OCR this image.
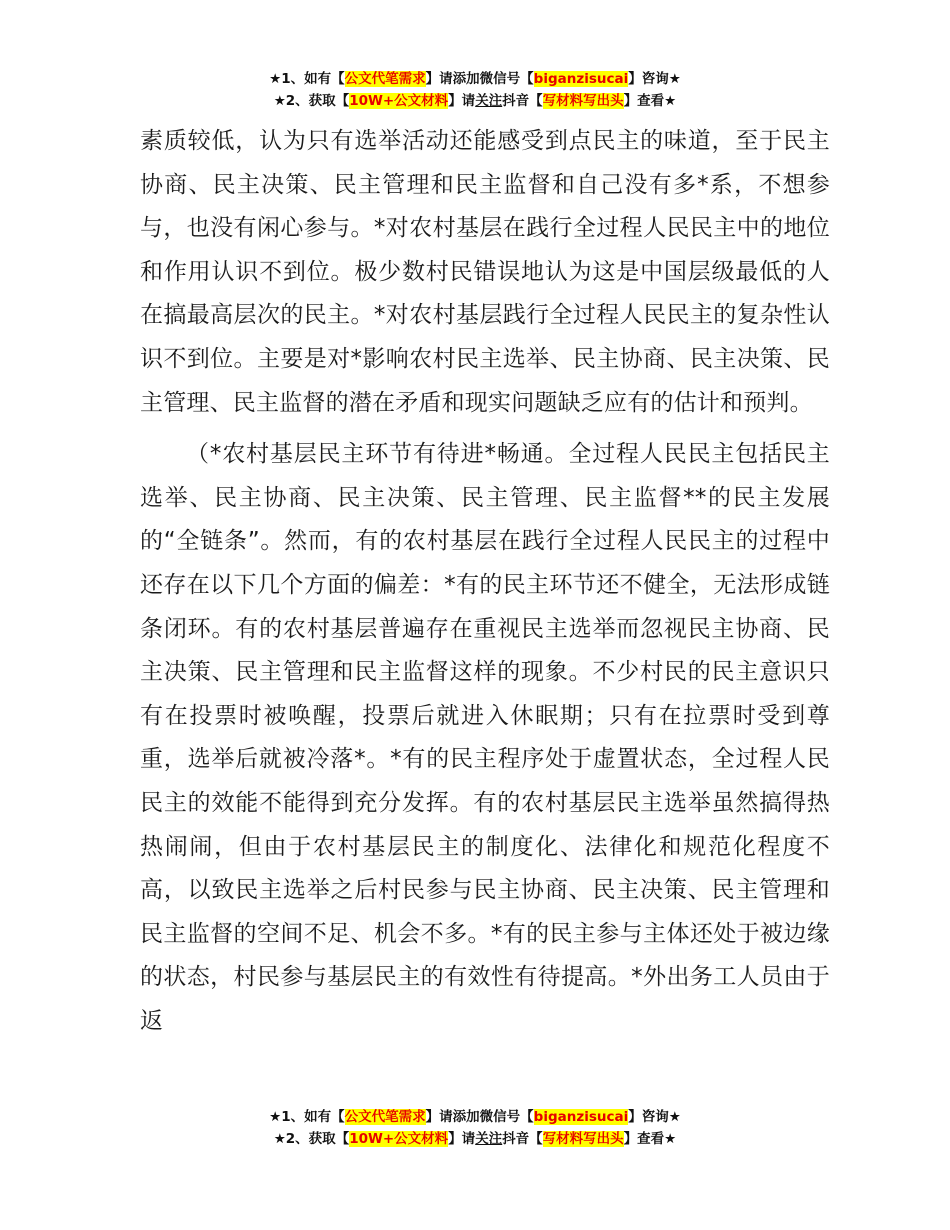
★1、如有【公文代笔需求】请添加微信号【biganzisucai】咨询★
★2、获取【10W+公文材料】请关注抖音【写材料写出头】查看★

素质较低，认为只有选举活动还能感受到点民主的味道，至于民主协商、民主决策、民主管理和民主监督和自己没有多*系，不想参与，也没有闲心参与。*对农村基层在践行全过程人民民主中的地位和作用认识不到位。极少数村民错误地认为这是中国层级最低的人在搞最高层次的民主。*对农村基层践行全过程人民民主的复杂性认识不到位。主要是对*影响农村民主选举、民主协商、民主决策、民主管理、民主监督的潜在矛盾和现实问题缺乏应有的估计和预判。

（*农村基层民主环节有待进*畅通。全过程人民民主包括民主选举、民主协商、民主决策、民主管理、民主监督**的民主发展的“全链条”。然而，有的农村基层在践行全过程人民民主的过程中还存在以下几个方面的偏差：*有的民主环节还不健全，无法形成链条闭环。有的农村基层普遍存在重视民主选举而忽视民主协商、民主决策、民主管理和民主监督这样的现象。不少村民的民主意识只有在投票时被唤醒，投票后就进入休眠期；只有在拉票时受到尊重，选举后就被冷落*。*有的民主程序处于虚置状态，全过程人民民主的效能不能得到充分发挥。有的农村基层民主选举虽然搞得热热闹闹，但由于农村基层民主的制度化、法律化和规范化程度不高，以致民主选举之后村民参与民主协商、民主决策、民主管理和民主监督的空间不足、机会不多。*有的民主参与主体还处于被边缘的状态，村民参与基层民主的有效性有待提高。*外出务工人员由于返

★1、如有【公文代笔需求】请添加微信号【biganzisucai】咨询★
★2、获取【10W+公文材料】请关注抖音【写材料写出头】查看★
